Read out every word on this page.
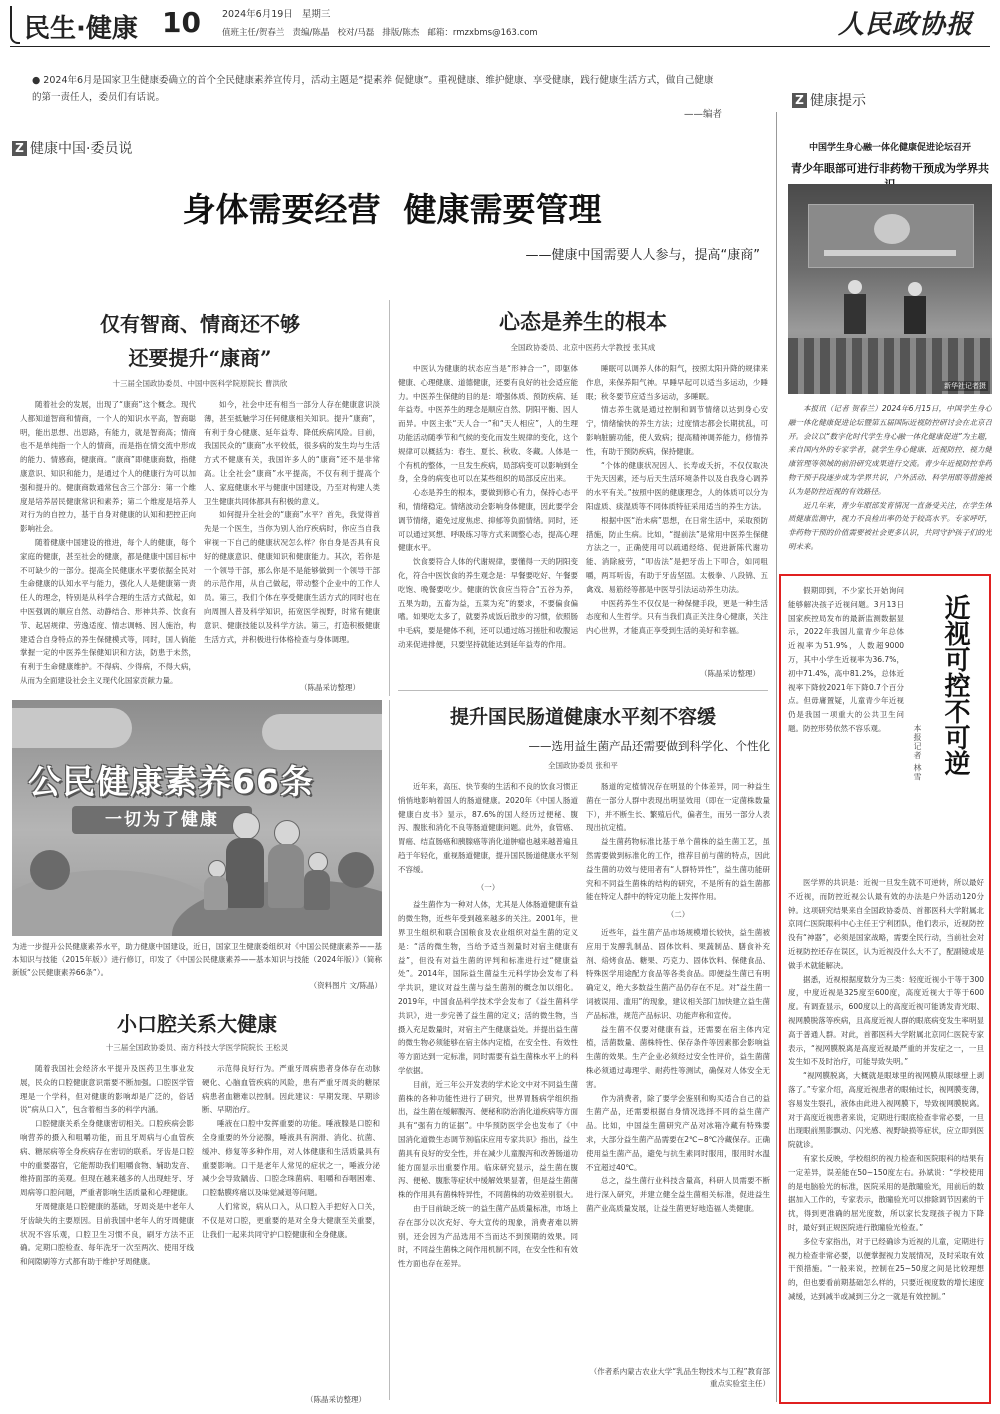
民生·健康 10 2024年6月19日   星期三
值班主任/贺春兰   责编/陈晶   校对/马磊   排版/陈杰   邮箱：rmzxbms@163.com	人民政协报
● 2024年6月是国家卫生健康委确立的首个全民健康素养宣传月，活动主题是“提素养 促健康”。重视健康、维护健康、享受健康，践行健康生活方式，做自己健康的第一责任人，委员们有话说。
——编者
Z 健康中国·委员说
Z 健康提示
身体需要经营  健康需要管理
——健康中国需要人人参与，提高“康商”
仅有智商、情商还不够
还要提升“康商”
十三届全国政协委员、中国中医科学院原院长 曹洪欣

随着社会的发展，出现了“康商”这个概念。现代人都知道智商和情商，一个人的知识水平高，智商聪明，能出思想、出思路，有能力，就是智商高；情商也不是单纯指一个人的情商，而是指在情交流中形成的能力、情感商，健康商。“康商”即健康商数，指健康意识、知识和能力，是通过个人的健康行为可以加强和提升的。健康商数通常包含三个部分：第一个维度是培养居民健康常识和素养；第二个维度是培养人对行为的自控力，基于自身对健康的认知和把控正向影响社会。

随着健康中国建设的推进，每个人的健康，每个家庭的健康，甚至社会的健康，都是健康中国目标中不可缺少的一部分。提高全民健康水平要依据全民对生命健康的认知水平与能力，强化人人是健康第一责任人的理念，特别是从科学合理的生活方式做起，如中医强调的顺应自然、动静结合、形神共养、饮食有节、起居规律、劳逸适度、情志调畅、因人施治，构建适合自身特点的养生保健模式等，同时，国人倘能掌握一定的中医养生保健知识和方法，防患于未然，有利于生命健康维护。不得病、少得病，不得大病，从而为全面建设社会主义现代化国家贡献力量。

如今，社会中还有相当一部分人存在健康意识淡薄，甚至抵触学习任何健康相关知识。提升“康商”，有利于身心健康、延年益寿、降低疾病风险。目前，我国民众的“康商”水平较低，很多病的发生均与生活方式不健康有关，我国许多人的“康商”还不是非常高。让全社会“康商”水平提高，不仅有利于提高个人、家庭健康水平与健康中国建设，乃至对构建人类卫生健康共同体都具有积极的意义。

如何提升全社会的“康商”水平？首先，我觉得首先是一个医生，当你为别人治疗疾病时，你应当自我审视一下自己的健康状况怎么样？你自身是否具有良好的健康意识、健康知识和健康能力。其次，若你是一个领导干部，那么你是不是能够做到一个领导干部的示范作用，从自己做起，带动整个企业中的工作人员。第三，我们个体在享受健康生活方式的同时也在向周围人普及科学知识，拓宽医学视野，时常有健康意识、健康技能以及科学方法。第三，打造积极健康生活方式，并积极进行体格检查与身体调理。

（陈晶采访整理）
心态是养生的根本
全国政协委员、北京中医药大学教授 张其成

中医认为健康的状态应当是“形神合一”，即躯体健康、心理健康、道德健康，还要有良好的社会适应能力。中医养生保健的目的是：增强体质、预防疾病、延年益寿。中医养生的理念是顺应自然、阴阳平衡、因人而异。中医主张“天人合一”和“天人相应”，人的生理功能活动随季节和气候的变化而发生规律的变化，这个规律可以概括为：春生、夏长、秋收、冬藏。人体是一个有机的整体，一旦发生疾病，局部病变可以影响到全身，全身的病变也可以在某些组织的局部反应出来。

心态是养生的根本，要做到修心有力，保持心态平和，情绪稳定。情绪波动会影响身体健康，因此要学会调节情绪，避免过度焦虑、抑郁等负面情绪。同时，还可以通过冥想、呼吸练习等方式来调整心态，提高心理健康水平。

饮食要符合人体的代谢规律，要懂得一天的阴阳变化，符合中医饮食的养生观念是：早餐要吃好、午餐要吃饱、晚餐要吃少。健康的饮食应当符合“五谷为养，五果为助，五畜为益，五菜为充”的要求，不要偏食偏嗜。如果吃太多了，就要养成饭后散步的习惯，依照肠中毛病，要是健体不利，还可以通过练习搓肚和收腹运动来促进排便，只要坚持就能达到延年益寿的作用。

睡眠可以调养人体的阳气，按照太阳升降的规律来作息，来保养阳气神。早睡早起可以适当多运动，少睡眠；秋冬要节应适当多运动，多睡眠。

情志养生就是通过控制和调节情绪以达到身心安宁，情绪愉快的养生方法；过度情志都会长期扰乱，可影响脏腑功能，使人致病；提高精神调养能力，修情养性，有助于预防疾病，保持健康。

“个体的健康状况因人、长寿或夭折，不仅仅取决于先天因素，还与后天生活环境条件以及自我身心调养的水平有关。”按照中医的健康理念，人的体质可以分为阳虚质、痰湿质等不同体质特征采用适当的养生方法。

根据中医“治未病”思想，在日常生活中，采取预防措施，防止生病。比如，“提前法”是常用中医养生保健方法之一，正确使用可以疏通经络、促进新陈代谢功能、消除疲劳，“叩齿法”是把牙齿上下叩合，如同咀嚼，两耳听齿，有助于牙齿坚固。太极拳、八段锦、五禽戏、易筋经等都是中医导引法运动养生功法。

中医药养生不仅仅是一种保健手段，更是一种生活态度和人生哲学。只有当我们真正关注身心健康，关注内心世界，才能真正享受到生活的美好和幸福。

（陈晶采访整理）
公民健康素养66条
一切为了健康
为进一步提升公民健康素养水平，助力健康中国建设，近日，国家卫生健康委组织对《中国公民健康素养——基本知识与技能（2015年版）》进行修订，印发了《中国公民健康素养——基本知识与技能（2024年版）》（简称新版“公民健康素养66条”）。
（资料图片 文/陈晶）
小口腔关系大健康
十三届全国政协委员、南方科技大学医学院院长 王松灵

随着我国社会经济水平提升及医药卫生事业发展，民众的口腔健康意识需要不断加强。口腔医学管理是一个学科，但对健康的影响却是广泛的，俗话说“病从口入”，包含着相当多的科学内涵。

口腔健康关系全身健康密切相关。口腔疾病会影响营养的摄入和咀嚼功能，而且牙周病与心血管疾病、糖尿病等全身疾病存在密切的联系。牙齿是口腔中的重要器官，它能帮助我们咀嚼食物、辅助发音、维持面部的美观。但现在越来越多的人出现蛀牙、牙周病等口腔问题，严重者影响生活质量和心理健康。

牙周健康是口腔健康的基础，牙周炎是中老年人牙齿缺失的主要原因。目前我国中老年人的牙周健康状况不容乐观，口腔卫生习惯不良，刷牙方法不正确。定期口腔检查、每年洗牙一次至两次、使用牙线和间隙刷等方式都有助于维护牙周健康。

示范得良好行为。严重牙周病患者身体存在动脉硬化、心脑血管疾病的风险，患有严重牙周炎的糖尿病患者血糖难以控制。因此建议：早期发现、早期诊断、早期治疗。

唾液在口腔中发挥重要的功能。唾液腺是口腔和全身重要的外分泌腺，唾液具有润滑、消化、抗菌、缓冲、修复等多种作用，对人体健康和生活质量具有重要影响。口干是老年人常见的症状之一，唾液分泌减少会导致龋齿、口腔念珠菌病、咀嚼和吞咽困难、口腔黏膜疼痛以及味觉减退等问题。

人们常说，病从口入，从口腔入手把好入口关，不仅是对口腔，更重要的是对全身大健康至关重要，让我们一起来共同守护口腔健康和全身健康。

（陈晶采访整理）
提升国民肠道健康水平刻不容缓
——选用益生菌产品还需要做到科学化、个性化
全国政协委员 张和平

近年来，高压、快节奏的生活和不良的饮食习惯正悄悄地影响着国人的肠道健康。2020年《中国人肠道健康白皮书》显示，87.6%的国人经历过便秘、腹泻、腹胀和消化不良等肠道健康问题。此外，食管癌、胃癌、结直肠癌和胰腺癌等消化道肿瘤也越来越普遍且趋于年轻化，重视肠道健康，提升国民肠道健康水平刻不容缓。

（一）

益生菌作为一种对人体，尤其是人体肠道健康有益的微生物，近些年受到越来越多的关注。2001年，世界卫生组织和联合国粮食及农业组织对益生菌的定义是：“活的微生物，当给予适当剂量时对宿主健康有益”，但没有对益生菌的评判和标准进行过“健康益处”。2014年，国际益生菌益生元科学协会发布了科学共识，建议对益生菌与益生菌剂的概念加以细化。2019年，中国食品科学技术学会发布了《益生菌科学共识》，进一步完善了益生菌的定义；活的微生物，当摄入充足数量时，对宿主产生健康益处。并提出益生菌的微生物必须能够在宿主体内定植，在安全性、有效性等方面达到一定标准，同时需要有益生菌株水平上的科学依据。

目前，近三年公开发表的学术论文中对不同益生菌菌株的各种功能性进行了研究，世界胃肠病学组织指出，益生菌在缓解腹泻、便秘和防治消化道疾病等方面具有“强有力的证据”。中华预防医学会也发布了《中国消化道微生态调节剂临床应用专家共识》指出，益生菌具有良好的安全性，并在减少儿童腹泻和改善肠道功能方面显示出重要作用。临床研究显示，益生菌在腹泻、便秘、腹胀等症状中缓解效果显著，但是益生菌菌株的作用具有菌株特异性，不同菌株的功效差别很大。

由于目前缺乏统一的益生菌产品质量标准，市场上存在部分以次充好、夸大宣传的现象，消费者难以辨别，还会因为产品选用不当而达不到预期的效果。同时，不同益生菌株之间作用机制不同，在安全性和有效性方面也存在差异。

肠道的定植情况存在明显的个体差异，同一种益生菌在一部分人群中表现出明显效用（即在一定菌株数量下），并不断生长、繁殖后代，偏者生，而另一部分人表现出抗定植。

益生菌药物标准比基于单个菌株的益生菌工艺，虽然需要做到标准化的工作，推荐目前与菌的特点，因此益生菌的功效与使用者有“人群特异性”，益生菌功能研究和不同益生菌株的结构的研究，不是所有的益生菌都能在特定人群中的特定功能上发挥作用。

（二）

近些年，益生菌产品市场规模增长较快，益生菌被应用于发酵乳制品、固体饮料、果蔬制品、膳食补充剂、焙烤食品、糖果、巧克力、固体饮料、保健食品、特殊医学用途配方食品等各类食品。即便益生菌已有明确定义，绝大多数益生菌产品仍存在不足。对“益生菌一词被误用、滥用”的现象，建议相关部门加快建立益生菌产品标准，规范产品标识、功能声称和宣传。

益生菌不仅要对健康有益，还需要在宿主体内定植，活菌数量、菌株特性、保存条件等因素都会影响益生菌的效果。生产企业必须经过安全性评价，益生菌菌株必须通过毒理学、耐药性等测试，确保对人体安全无害。

作为消费者，除了要学会鉴别和购买适合自己的益生菌产品，还需要根据自身情况选择不同的益生菌产品。比如，中国益生菌研究产品对冰箱冷藏有特殊要求，大部分益生菌产品需要在2℃~8℃冷藏保存。正确使用益生菌产品，避免与抗生素同时服用，服用时水温不宜超过40℃。

总之，益生菌行业科技含量高，科研人员需要不断进行深入研究，并建立健全益生菌相关标准，促进益生菌产业高质量发展，让益生菌更好地造福人类健康。

（作者系内蒙古农业大学“乳品生物技术与工程”教育部重点实验室主任）
中国学生身心融一体化健康促进论坛召开
青少年眼部可进行非药物干预成为学界共
新华社记者摄

本报讯（记者 贺春兰）2024年6月15日，中国学生身心融一体化健康促进论坛暨第五届国际近视防控研讨会在北京召开。会议以“数字化时代学生身心融一体化健康促进”为主题，来自国内外的专家学者，就学生身心健康、近视防控、视力健康管理等领域的前沿研究成果进行交流。青少年近视防控非药物干预手段逐步成为学界共识，户外活动、科学用眼等措施被认为是防控近视的有效路径。

近几年来，青少年眼部发育情况一直备受关注，在学生体质健康监测中，视力不良检出率仍处于较高水平。专家呼吁，非药物干预的价值需要被社会更多认识，共同守护孩子们的光明未来。

近视可控不可逆
本报记者 林雪

假期即到，不少家长开始询问能够解决孩子近视问题。3月13日国家疾控局发布的最新监测数据显示，2022年我国儿童青少年总体近视率为51.9%，人数超9000万，其中小学生近视率为36.7%，初中71.4%，高中81.2%，总体近视率下降较2021年下降0.7个百分点。但毋庸置疑，儿童青少年近视仍是我国一项重大的公共卫生问题。防控形势依然不容乐观。

医学界的共识是：近视一旦发生就不可逆转，所以最好不近视，而防控近视公认最有效的办法是户外活动120分钟。这项研究结果来自全国政协委员、首都医科大学附属北京同仁医院眼科中心主任王宁利团队，他们表示，近视防控没有“神器”，必须是国家战略，需要全民行动，当前社会对近视防控还存在误区，认为近视没什么大不了，配副镜或是做手术就能解决。

据悉，近视根据度数分为三类：轻度近视小于等于300度，中度近视是325度至600度，高度近视大于等于600度。有调查显示，600度以上的高度近视可能诱发青光眼、视网膜脱落等疾病，且高度近视人群的眼底病变发生率明显高于普通人群。对此，首都医科大学附属北京同仁医院专家表示，“视网膜脱离是高度近视最严重的并发症之一，一旦发生如不及时治疗，可能导致失明。”

“视网膜脱离，大概就是眼球里的视网膜从眼球壁上剥落了。”专家介绍，高度近视患者的眼轴过长，视网膜变薄，容易发生裂孔，液体由此进入视网膜下，导致视网膜脱离。对于高度近视患者来说，定期进行眼底检查非常必要，一旦出现眼前黑影飘动、闪光感、视野缺损等症状，应立即到医院就诊。

有家长反映，学校组织的视力检查和医院眼科的结果有一定差异，误差能在50~150度左右。孙斌说：“学校使用的是电脑验光的标准，医院采用的是散瞳验光，用前后的数据加入工作的，专家表示，散瞳验光可以排除调节因素的干扰，得到更准确的屈光度数，所以家长发现孩子视力下降时，最好到正规医院进行散瞳验光检查。”

多位专家指出，对于已经确诊为近视的儿童，定期进行视力检查非常必要，以便掌握视力发展情况，及时采取有效干预措施。“一般来说，控制在25~50度之间是比较理想的，但也要看前期基础怎么样的，只要近视度数的增长速度减缓，达到减半或减到三分之一就是有效控制。”
